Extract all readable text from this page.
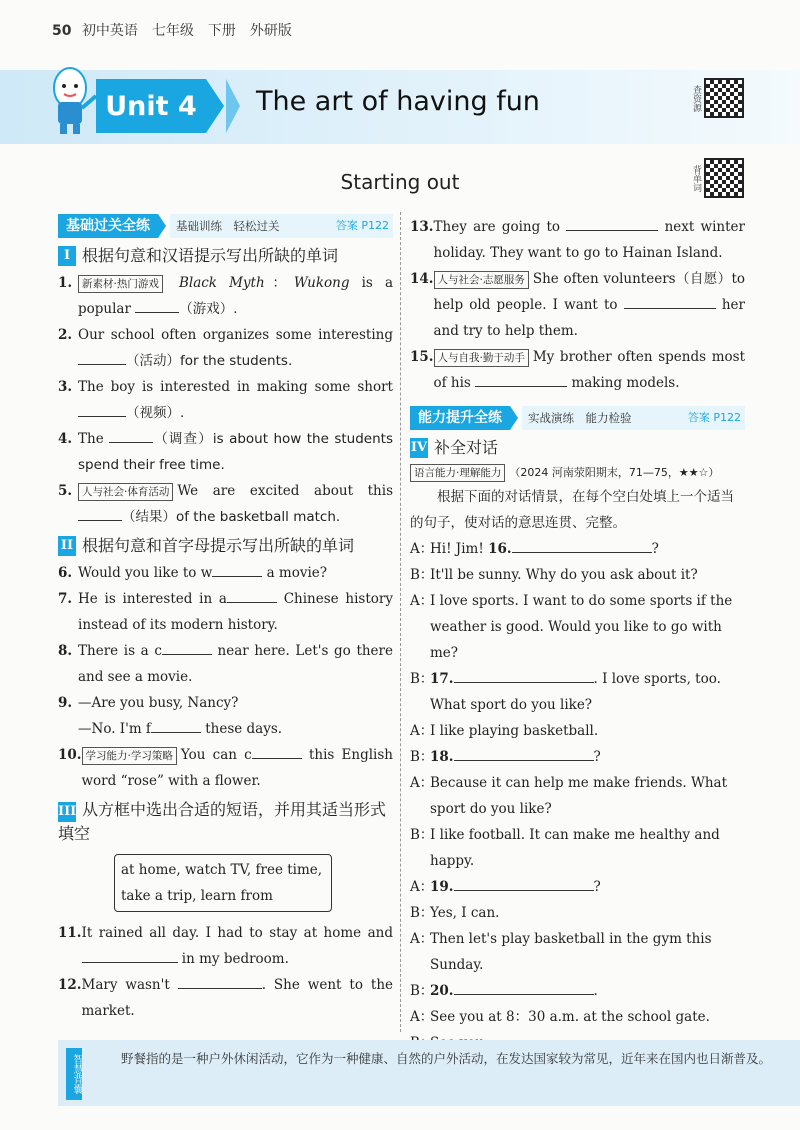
50 初中英语　七年级　下册　外研版
Unit 4	The art of having fun	查资源
背单词
Starting out
基础过关全练	基础训练　轻松过关	答案 P122
I 根据句意和汉语提示写出所缺的单词
1. 新素材·热门游戏 Black Myth：Wukong is a popular	（游戏）.
2. Our school often organizes some interesting （活动）for the students.
3. The boy is interested in making some short （视频）.
4. The	（调查）is about how the students spend their free time.
5. 人与社会·体育活动 We are excited about this （结果）of the basketball match.
II 根据句意和首字母提示写出所缺的单词
6. Would you like to w	a movie?
7. He is interested in a	Chinese history instead of its modern history.
8. There is a c	near here. Let's go there and see a movie.
9. —Are you busy, Nancy?
—No. I'm f	these days.
10. 学习能力·学习策略 You can c	this English word “rose” with a flower.
III 从方框中选出合适的短语，并用其适当形式填空
at home, watch TV, free time,
take a trip, learn from
11. It rained all day. I had to stay at home and  in my bedroom.
12. Mary wasn't	. She went to the market.
13. They are going to	next winter holiday. They want to go to Hainan Island.
14. 人与社会·志愿服务 She often volunteers（自愿）to help old people. I want to	her and try to help them.
15. 人与自我·勤于动手 My brother often spends most of his	making models.
能力提升全练	实战演练　能力检验	答案 P122
IV 补全对话
语言能力·理解能力 （2024 河南荥阳期末，71—75，★★☆）
根据下面的对话情景，在每个空白处填上一个适当的句子，使对话的意思连贯、完整。
A：
Hi! Jim! 16.	?
B：
It'll be sunny. Why do you ask about it?
A：
I love sports. I want to do some sports if the weather is good. Would you like to go with me?
B：
17.	. I love sports, too. What sport do you like?
A：
I like playing basketball.
B：
18.	?
A：
Because it can help me make friends. What sport do you like?
B：
I like football. It can make me healthy and happy.
A：
19.	?
B：
Yes, I can.
A：
Then let's play basketball in the gym this Sunday.
B：
20.	.
A：
See you at 8：30 a.m. at the school gate.
智慧背囊	野餐指的是一种户外休闲活动，它作为一种健康、自然的户外活动，在发达国家较为常见，近年来在国内也日渐普及。
